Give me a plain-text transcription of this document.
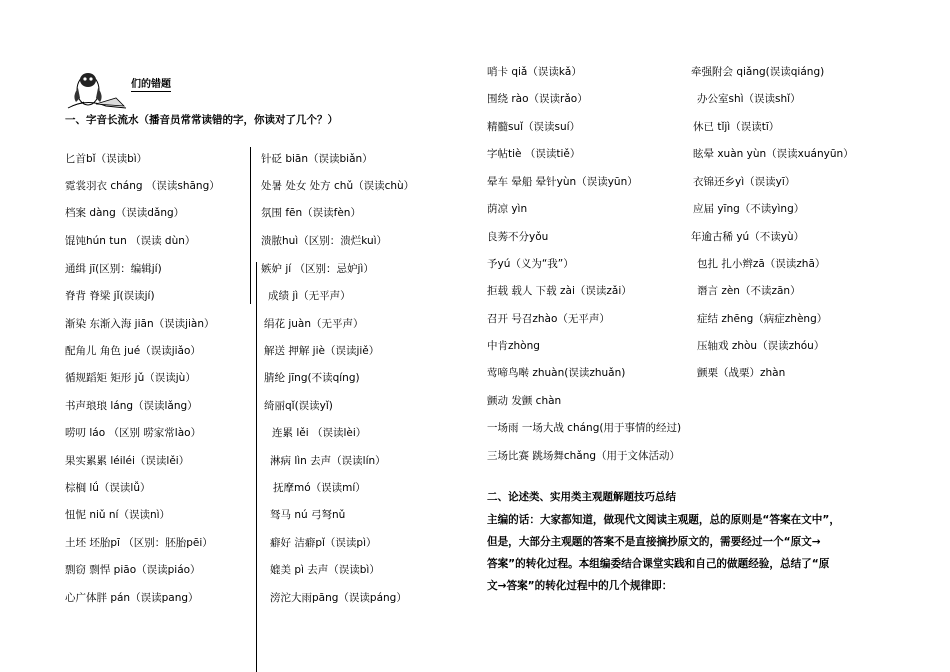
们的错题
一、字音长流水（播音员常常读错的字，你读对了几个？）
匕首bǐ（误读bì）
霓裳羽衣 cháng （误读shāng）
档案 dàng（误读dǎng）
馄饨hún tun （误读 dùn）
通缉 jī(区别：编辑jí)
脊背 脊梁 jǐ(误读jí)
渐染 东渐入海 jiān（误读jiàn）
配角儿 角色 jué（误读jiǎo）
循规蹈矩 矩形 jǔ（误读jù）
书声琅琅 láng（误读lǎng）
唠叨 láo （区别 唠家常lào）
果实累累 léiléi（误读lěi）
棕榈 lǘ（误读lǚ）
忸怩 niǔ ní（误读nì）
土坯 坯胎pī （区别：胚胎pēi）
剽窃 剽悍 piāo（误读piáo）
心广体胖 pán（误读pang）
针砭 biān（误读biǎn）
处暑 处女 处方 chǔ（误读chù）
氛围 fēn（误读fèn）
溃脓huì（区别：溃烂kuì）
嫉妒 jí （区别：忌妒jì）
成绩 jì（无平声）
绢花 juàn（无平声）
解送 押解 jiè（误读jiě）
腈纶 jīng(不读qíng)
绮丽qǐ(误读yǐ)
连累 lěi （误读lèi）
淋病 lìn 去声（误读lín）
抚摩mó（误读mí）
驽马 nú 弓弩nǔ
癖好 洁癖pǐ（误读pì）
媲美 pì 去声（误读bì）
滂沱大雨pāng（误读páng）
哨卡 qiǎ（误读kǎ）
围绕 rào（误读rǎo）
精髓suǐ（误读suí）
字帖tiè （误读tiě）
晕车 晕船 晕针yùn（误读yūn）
荫凉 yìn
良莠不分yǒu
予yú（义为“我”）
拒载 载人 下载 zài（误读zǎi）
召开 号召zhào（无平声）
中肯zhòng
莺啼鸟啭 zhuàn(误读zhuǎn)
颤动 发颤 chàn
一场雨 一场大战 cháng(用于事情的经过)
三场比赛 跳场舞chǎng（用于文体活动）
牵强附会 qiǎng(误读qiáng)
办公室shì（误读shǐ）
休已 tǐjì（误读tī）
眩晕 xuàn yùn（误读xuányūn）
衣锦还乡yì（误读yī）
应届 yīng（不读yìng）
年逾古稀 yú（不读yù）
包扎 扎小辫zā（误读zhā）
谮言 zèn（不读zān）
症结 zhēng（病症zhèng）
压轴戏 zhòu（误读zhóu）
颤栗（战栗）zhàn
二、论述类、实用类主观题解题技巧总结
主编的话：大家都知道，做现代文阅读主观题，总的原则是“答案在文中”，
但是，大部分主观题的答案不是直接摘抄原文的，需要经过一个“原文→
答案”的转化过程。本组编委结合课堂实践和自己的做题经验，总结了“原
文→答案”的转化过程中的几个规律即：
